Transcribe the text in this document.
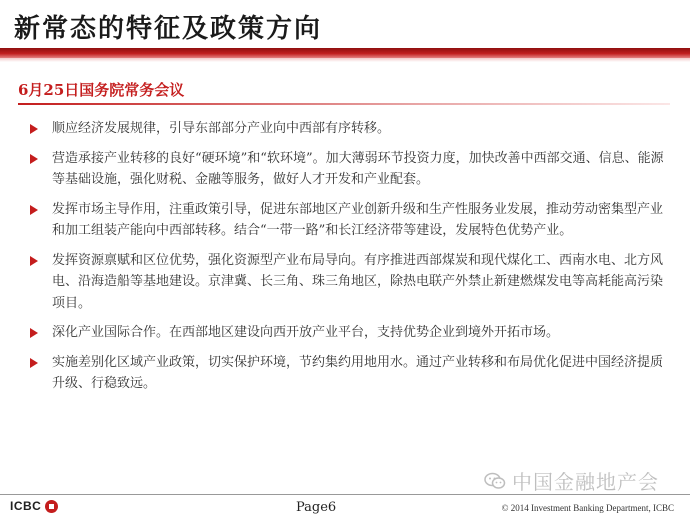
新常态的特征及政策方向
6月25日国务院常务会议
顺应经济发展规律，引导东部部分产业向中西部有序转移。
营造承接产业转移的良好“硬环境”和“软环境”。加大薄弱环节投资力度，加快改善中西部交通、信息、能源等基础设施，强化财税、金融等服务，做好人才开发和产业配套。
发挥市场主导作用，注重政策引导，促进东部地区产业创新升级和生产性服务业发展，推动劳动密集型产业和加工组装产能向中西部转移。结合“一带一路”和长江经济带等建设，发展特色优势产业。
发挥资源禀赋和区位优势，强化资源型产业布局导向。有序推进西部煤炭和现代煤化工、西南水电、北方风电、沿海造船等基地建设。京津冀、长三角、珠三角地区，除热电联产外禁止新建燃煤发电等高耗能高污染项目。
深化产业国际合作。在西部地区建设向西开放产业平台，支持优势企业到境外开拓市场。
实施差别化区域产业政策，切实保护环境，节约集约用地用水。通过产业转移和布局优化促进中国经济提质升级、行稳致远。
中国金融地产会
ICBC	Page6	© 2014 Investment Banking Department, ICBC
